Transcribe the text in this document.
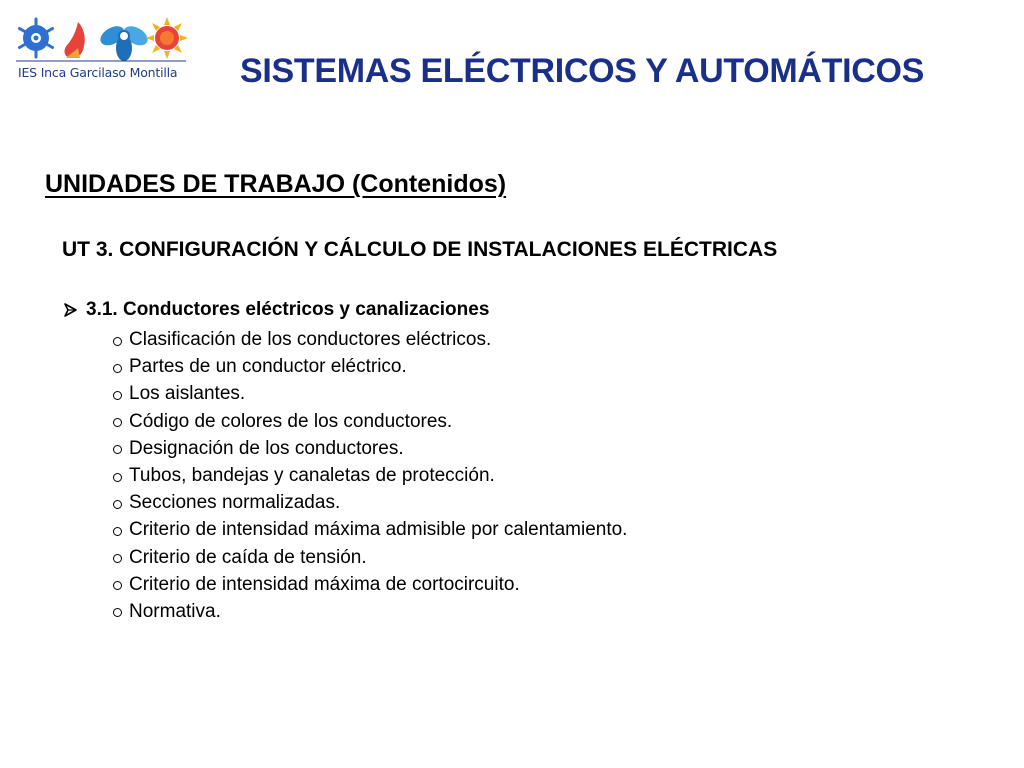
IES Inca Garcilaso Montilla SISTEMAS ELÉCTRICOS Y AUTOMÁTICOS
UNIDADES DE TRABAJO (Contenidos)
UT 3. CONFIGURACIÓN Y CÁLCULO DE INSTALACIONES ELÉCTRICAS
3.1. Conductores eléctricos y canalizaciones
Clasificación de los conductores eléctricos.
Partes de un conductor eléctrico.
Los aislantes.
Código de colores de los conductores.
Designación de los conductores.
Tubos, bandejas y canaletas de protección.
Secciones normalizadas.
Criterio de intensidad máxima admisible por calentamiento.
Criterio de caída de tensión.
Criterio de intensidad máxima de cortocircuito.
Normativa.
